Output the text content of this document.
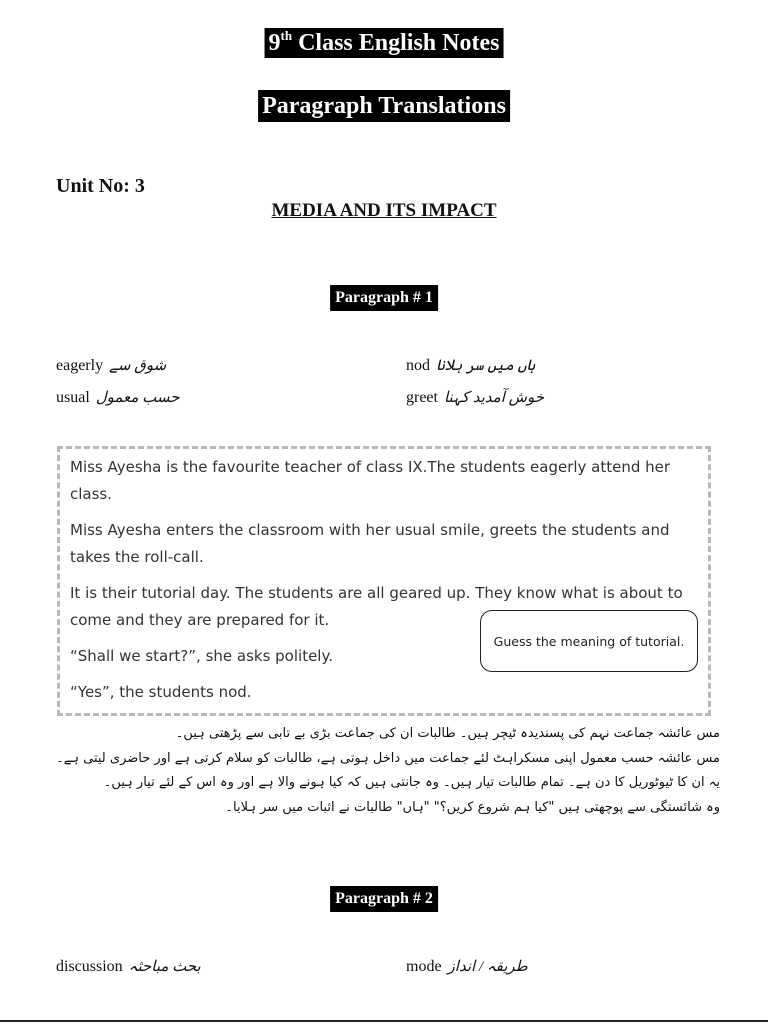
9th Class English Notes
Paragraph Translations
Unit No: 3
MEDIA AND ITS IMPACT
Paragraph # 1
eagerly شوق سے	nod ہاں میں سر ہلانا
usual حسب معمول	greet خوش آمدید کہنا

Miss Ayesha is the favourite teacher of class IX.The students eagerly attend her class.

Miss Ayesha enters the classroom with her usual smile, greets the students and takes the roll-call.

It is their tutorial day. The students are all geared up. They know what is about to come and they are prepared for it.

“Shall we start?”, she asks politely.

“Yes”, the students nod.

Guess the meaning of tutorial.
مس عائشہ جماعت نہم کی پسندیدہ ٹیچر ہیں۔ طالبات ان کی جماعت بڑی بے تابی سے پڑھتی ہیں۔
مس عائشہ حسب معمول اپنی مسکراہٹ لئے جماعت میں داخل ہوتی ہے، طالبات کو سلام کرتی ہے اور حاضری لیتی ہے۔
یہ ان کا ٹیوٹوریل کا دن ہے۔ تمام طالبات تیار ہیں۔ وہ جانتی ہیں کہ کیا ہونے والا ہے اور وہ اس کے لئے تیار ہیں۔
وہ شائستگی سے پوچھتی ہیں "کیا ہم شروع کریں؟" "ہاں" طالبات نے اثبات میں سر ہلایا۔
Paragraph # 2
discussion بحث مباحثہ	mode طریقہ / انداز
